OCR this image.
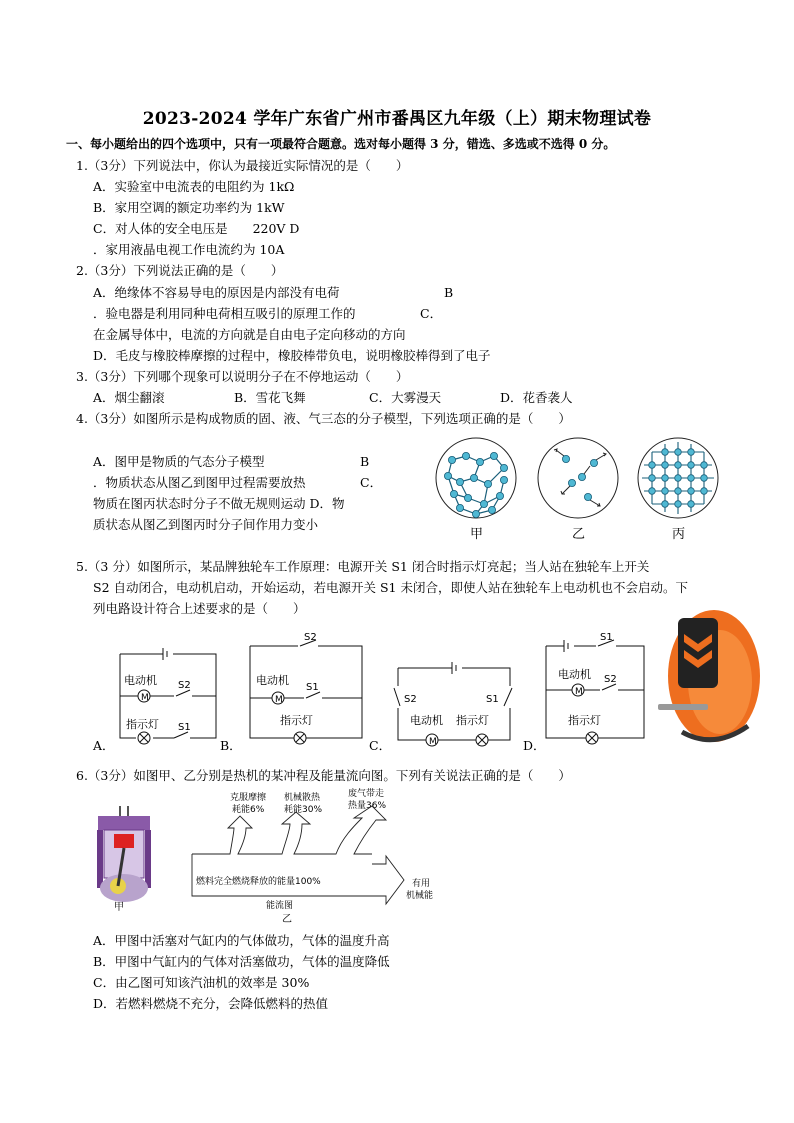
2023-2024 学年广东省广州市番禺区九年级（上）期末物理试卷
一、每小题给出的四个选项中，只有一项最符合题意。选对每小题得 3 分，错选、多选或不选得 0 分。
1.（3分）下列说法中，你认为最接近实际情况的是（　　）
A．实验室中电流表的电阻约为 1kΩ
B．家用空调的额定功率约为 1kW
C．对人体的安全电压是　　220V D
．家用液晶电视工作电流约为 10A
2.（3分）下列说法正确的是（　　）
A．绝缘体不容易导电的原因是内部没有电荷	B
．验电器是利用同种电荷相互吸引的原理工作的	C．
在金属导体中，电流的方向就是自由电子定向移动的方向
D．毛皮与橡胶棒摩擦的过程中，橡胶棒带负电，说明橡胶棒得到了电子
3.（3分）下列哪个现象可以说明分子在不停地运动（　　）
A．烟尘翻滚	B．雪花飞舞	C．大雾漫天	D．花香袭人
4.（3分）如图所示是构成物质的固、液、气三态的分子模型，下列选项正确的是（　　）
A．图甲是物质的气态分子模型	B
．物质状态从图乙到图甲过程需要放热	C．
物质在图丙状态时分子不做无规则运动 D．物
质状态从图乙到图丙时分子间作用力变小
甲	乙	丙
5.（3 分）如图所示，某品牌独轮车工作原理：电源开关 S1 闭合时指示灯亮起；当人站在独轮车上开关
S2 自动闭合，电动机启动，开始运动，若电源开关 S1 未闭合，即使人站在独轮车上电动机也不会启动。下
列电路设计符合上述要求的是（　　）
M
电动机 S2
指示灯 S1
A．
M
电动机
S2
S1
指示灯
B．	M
S2	S1
电动机 指示灯
C．
M
电动机
S1
S2
指示灯
D．
6.（3分）如图甲、乙分别是热机的某冲程及能量流向图。下列有关说法正确的是（　　）
甲
克服摩擦
耗能6%
机械散热
耗能30%
废气带走
热量36%
燃料完全燃烧释放的能量100%	有用
机械能
能流图
乙
A．甲图中活塞对气缸内的气体做功，气体的温度升高
B．甲图中气缸内的气体对活塞做功，气体的温度降低
C．由乙图可知该汽油机的效率是 30%
D．若燃料燃烧不充分，会降低燃料的热值
